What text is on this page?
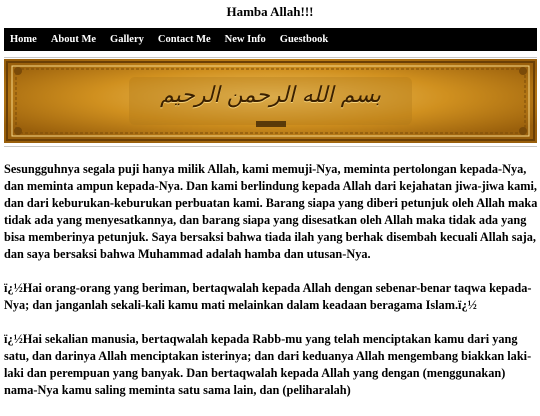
Hamba Allah!!!
Home About Me Gallery Contact Me New Info Guestbook
بسم الله الرحمن الرحيم

Sesungguhnya segala puji hanya milik Allah, kami memuji-Nya, meminta pertolongan kepada-Nya, dan meminta ampun kepada-Nya. Dan kami berlindung kepada Allah dari kejahatan jiwa-jiwa kami, dan dari keburukan-keburukan perbuatan kami. Barang siapa yang diberi petunjuk oleh Allah maka tidak ada yang menyesatkannya, dan barang siapa yang disesatkan oleh Allah maka tidak ada yang bisa memberinya petunjuk. Saya bersaksi bahwa tiada ilah yang berhak disembah kecuali Allah saja, dan saya bersaksi bahwa Muhammad adalah hamba dan utusan-Nya.

ï¿½Hai orang-orang yang beriman, bertaqwalah kepada Allah dengan sebenar-benar taqwa kepada-Nya; dan janganlah sekali-kali kamu mati melainkan dalam keadaan beragama Islam.ï¿½

ï¿½Hai sekalian manusia, bertaqwalah kepada Rabb-mu yang telah menciptakan kamu dari yang satu, dan darinya Allah menciptakan isterinya; dan dari keduanya Allah mengembang biakkan laki-laki dan perempuan yang banyak. Dan bertaqwalah kepada Allah yang dengan (menggunakan) nama-Nya kamu saling meminta satu sama lain, dan (peliharalah)
